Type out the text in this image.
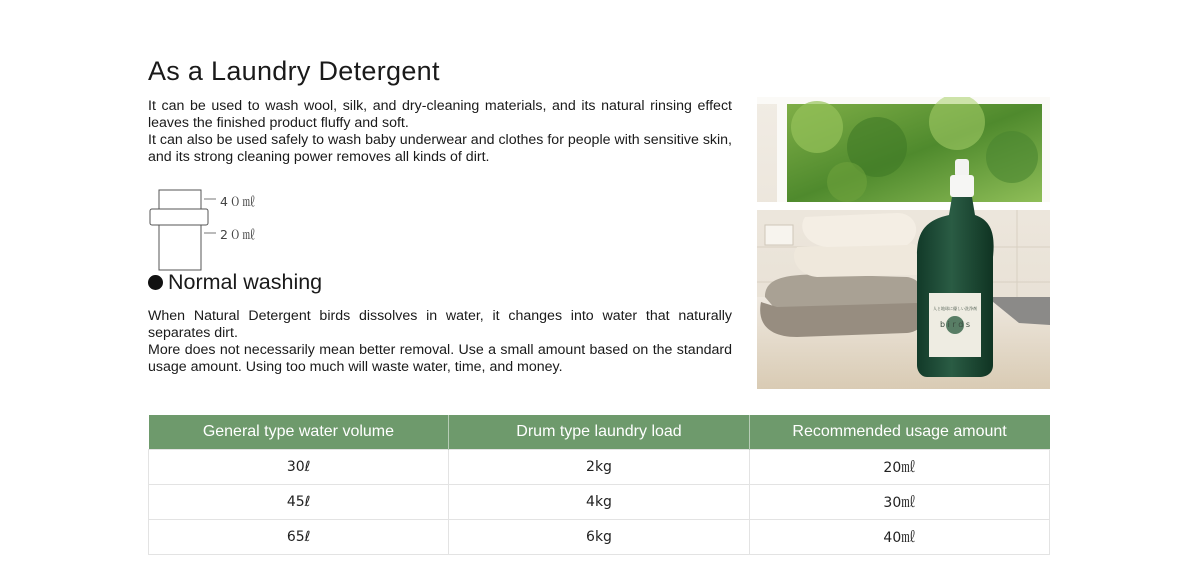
As a Laundry Detergent

It can be used to wash wool, silk, and dry-cleaning materials, and its natural rinsing effect leaves the finished product fluffy and soft.

It can also be used safely to wash baby underwear and clothes for people with sensitive skin, and its strong cleaning power removes all kinds of dirt.

4０㎖
2０㎖
Normal washing

When Natural Detergent birds dissolves in water, it changes into water that naturally separates dirt.

More does not necessarily mean better removal. Use a small amount based on the standard usage amount. Using too much will waste water, time, and money.

人と地球に優しい洗浄剤
b i r d s
General type water volume	Drum type laundry load	Recommended usage amount
30ℓ	2kg	20㎖
45ℓ	4kg	30㎖
65ℓ	6kg	40㎖
